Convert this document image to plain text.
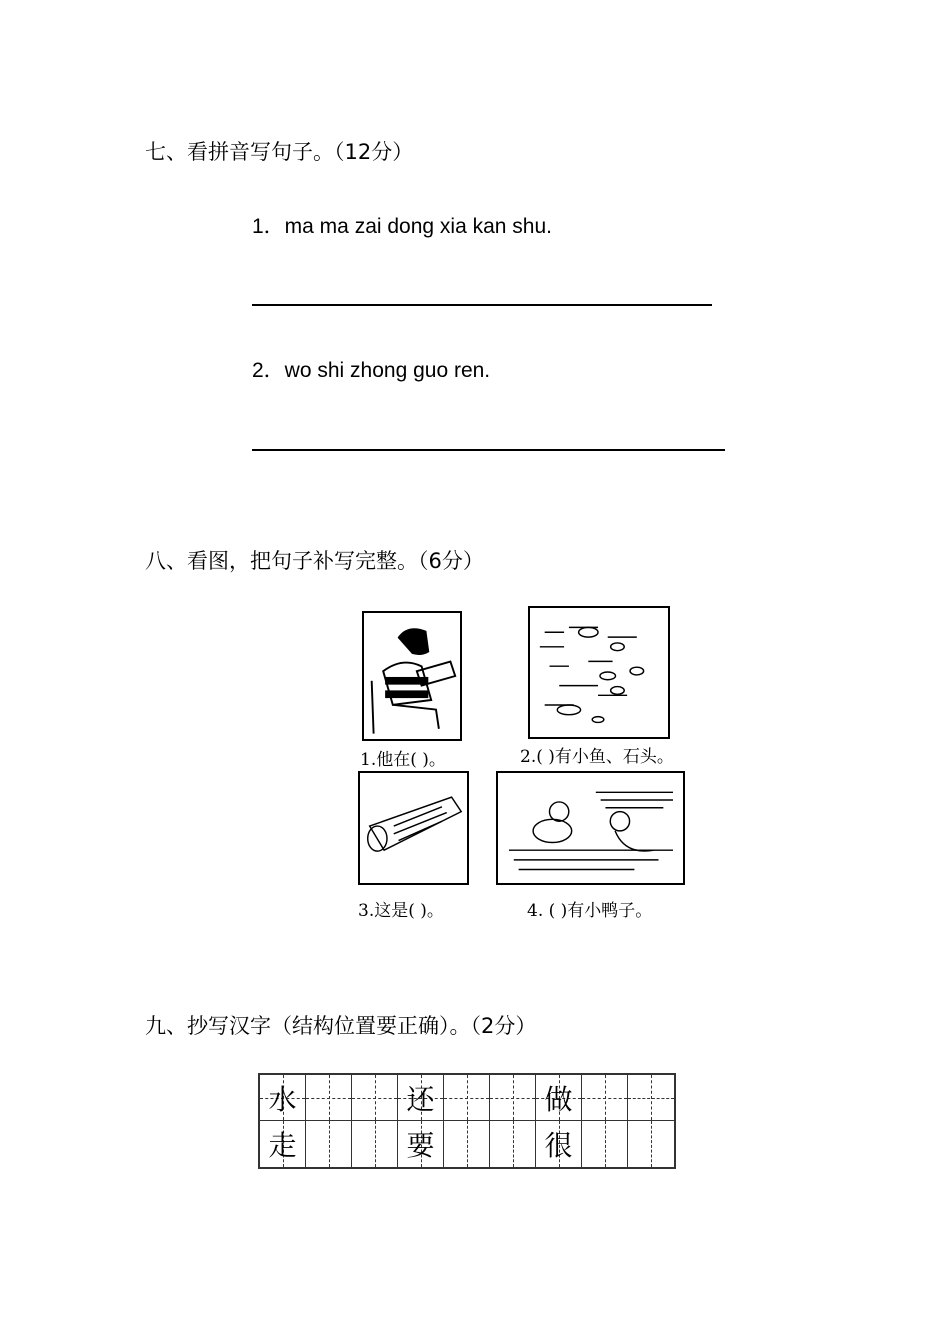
七、看拼音写句子。（12分）
1．ma ma zai dong xia kan shu.
2．wo shi zhong guo ren.
八、看图，把句子补写完整。（6分）
1.他在( )。	2.( )有小鱼、石头。
3.这是( )。	4. ( )有小鸭子。
九、抄写汉字（结构位置要正确）。（2分）
水	还	做
走	要	很
